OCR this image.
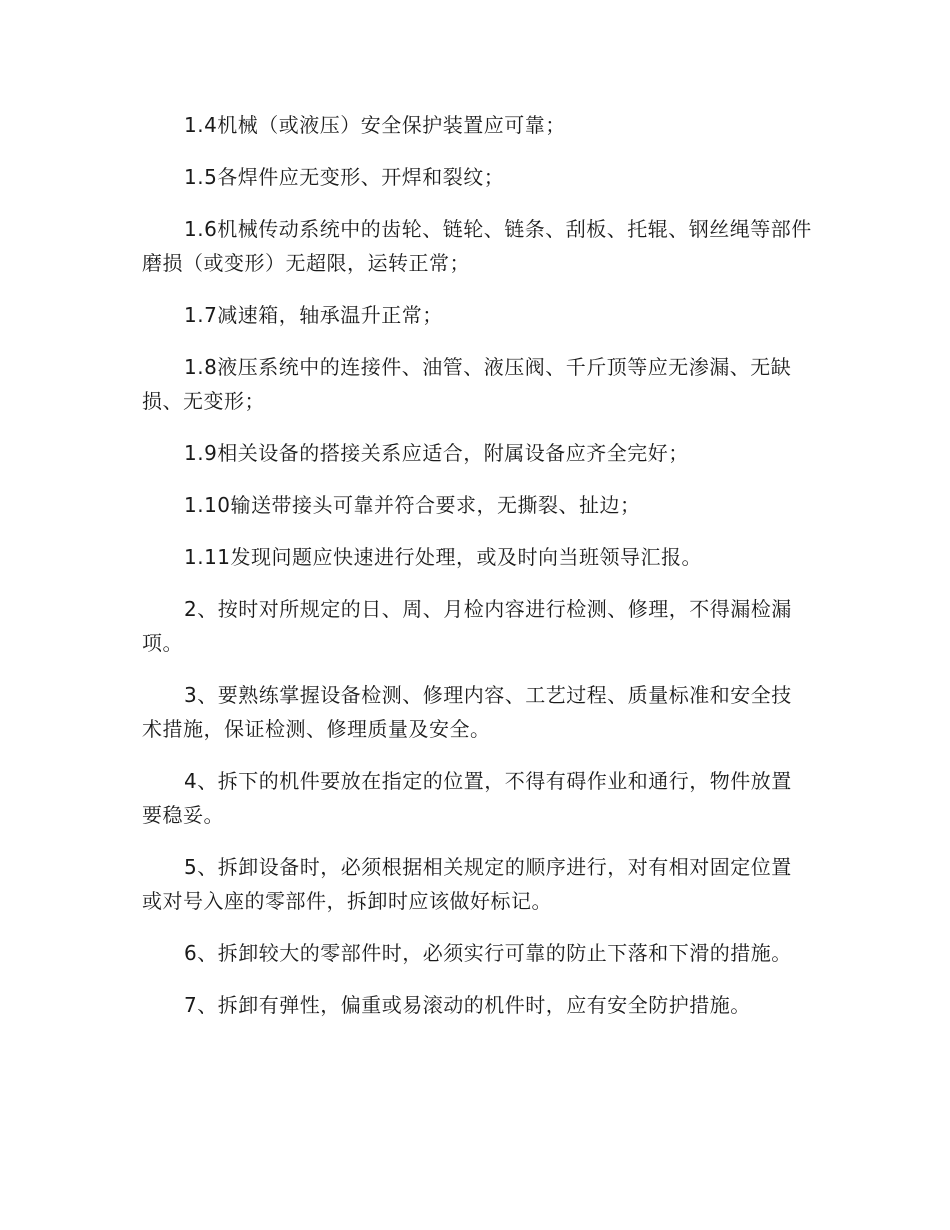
1.4机械（或液压）安全保护装置应可靠；

1.5各焊件应无变形、开焊和裂纹；

1.6机械传动系统中的齿轮、链轮、链条、刮板、托辊、钢丝绳等部件磨损（或变形）无超限，运转正常；

1.7减速箱，轴承温升正常；

1.8液压系统中的连接件、油管、液压阀、千斤顶等应无渗漏、无缺损、无变形；

1.9相关设备的搭接关系应适合，附属设备应齐全完好；

1.10输送带接头可靠并符合要求，无撕裂、扯边；

1.11发现问题应快速进行处理，或及时向当班领导汇报。

2、按时对所规定的日、周、月检内容进行检测、修理，不得漏检漏项。

3、要熟练掌握设备检测、修理内容、工艺过程、质量标准和安全技术措施，保证检测、修理质量及安全。

4、拆下的机件要放在指定的位置，不得有碍作业和通行，物件放置要稳妥。

5、拆卸设备时，必须根据相关规定的顺序进行，对有相对固定位置或对号入座的零部件，拆卸时应该做好标记。

6、拆卸较大的零部件时，必须实行可靠的防止下落和下滑的措施。

7、拆卸有弹性，偏重或易滚动的机件时，应有安全防护措施。
